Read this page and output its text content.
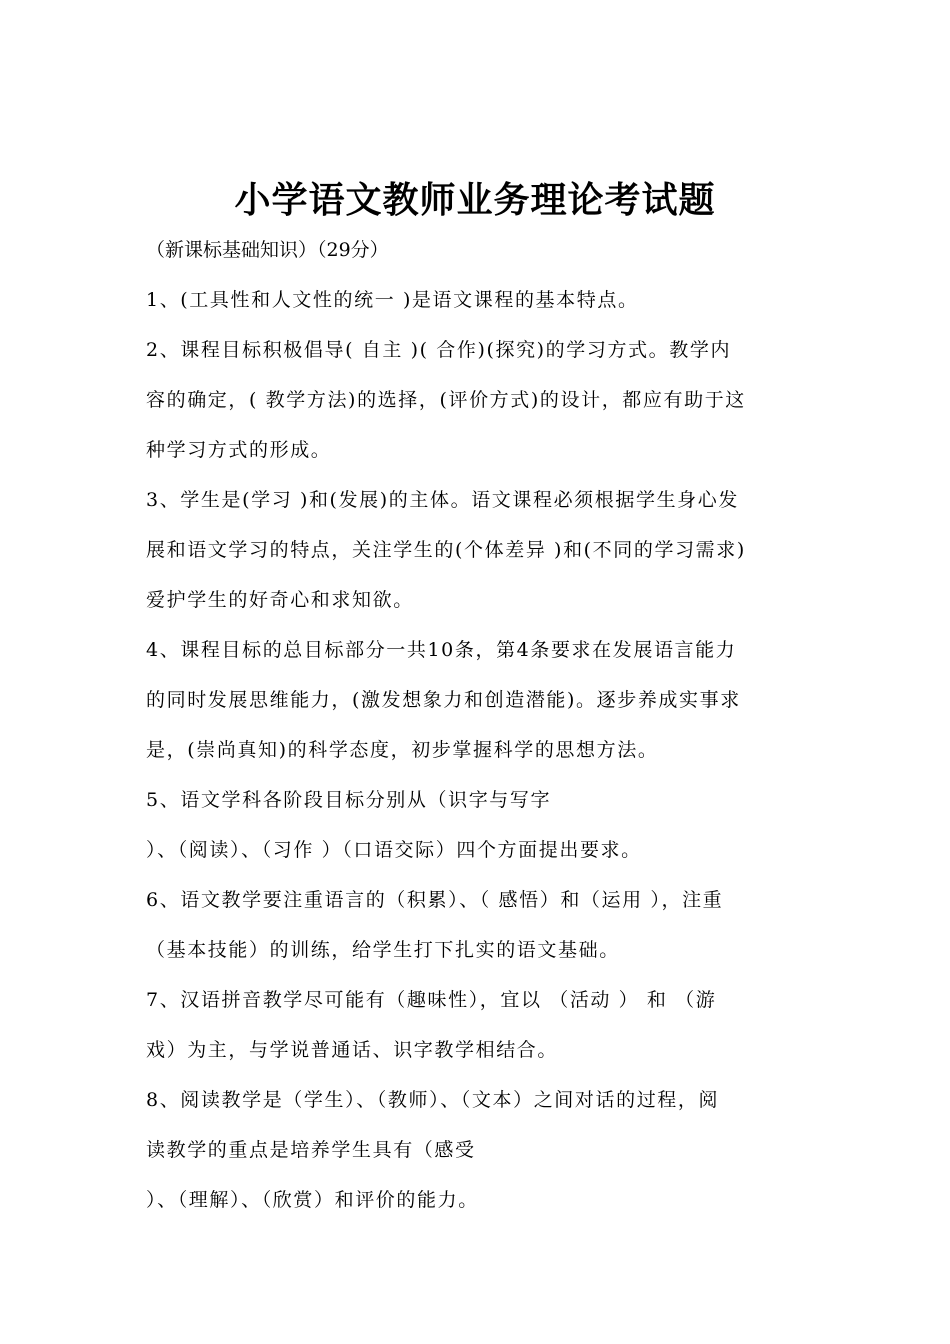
小学语文教师业务理论考试题

（新课标基础知识）（29分）

1、(工具性和人文性的统一 )是语文课程的基本特点。

2、课程目标积极倡导( 自主 )( 合作)(探究)的学习方式。教学内

容的确定，( 教学方法)的选择，(评价方式)的设计，都应有助于这

种学习方式的形成。

3、学生是(学习 )和(发展)的主体。语文课程必须根据学生身心发

展和语文学习的特点，关注学生的(个体差异 )和(不同的学习需求)

爱护学生的好奇心和求知欲。

4、课程目标的总目标部分一共10条，第4条要求在发展语言能力

的同时发展思维能力，(激发想象力和创造潜能)。逐步养成实事求

是，(崇尚真知)的科学态度，初步掌握科学的思想方法。

5、语文学科各阶段目标分别从（识字与写字

）、（阅读）、（习作 ）（口语交际）四个方面提出要求。

6、语文教学要注重语言的（积累）、（ 感悟）和（运用 ），注重

（基本技能）的训练，给学生打下扎实的语文基础。

7、汉语拼音教学尽可能有（趣味性），宜以 （活动 ） 和 （游

戏）为主，与学说普通话、识字教学相结合。

8、阅读教学是（学生）、（教师）、（文本）之间对话的过程，阅

读教学的重点是培养学生具有（感受

）、（理解）、（欣赏）和评价的能力。
